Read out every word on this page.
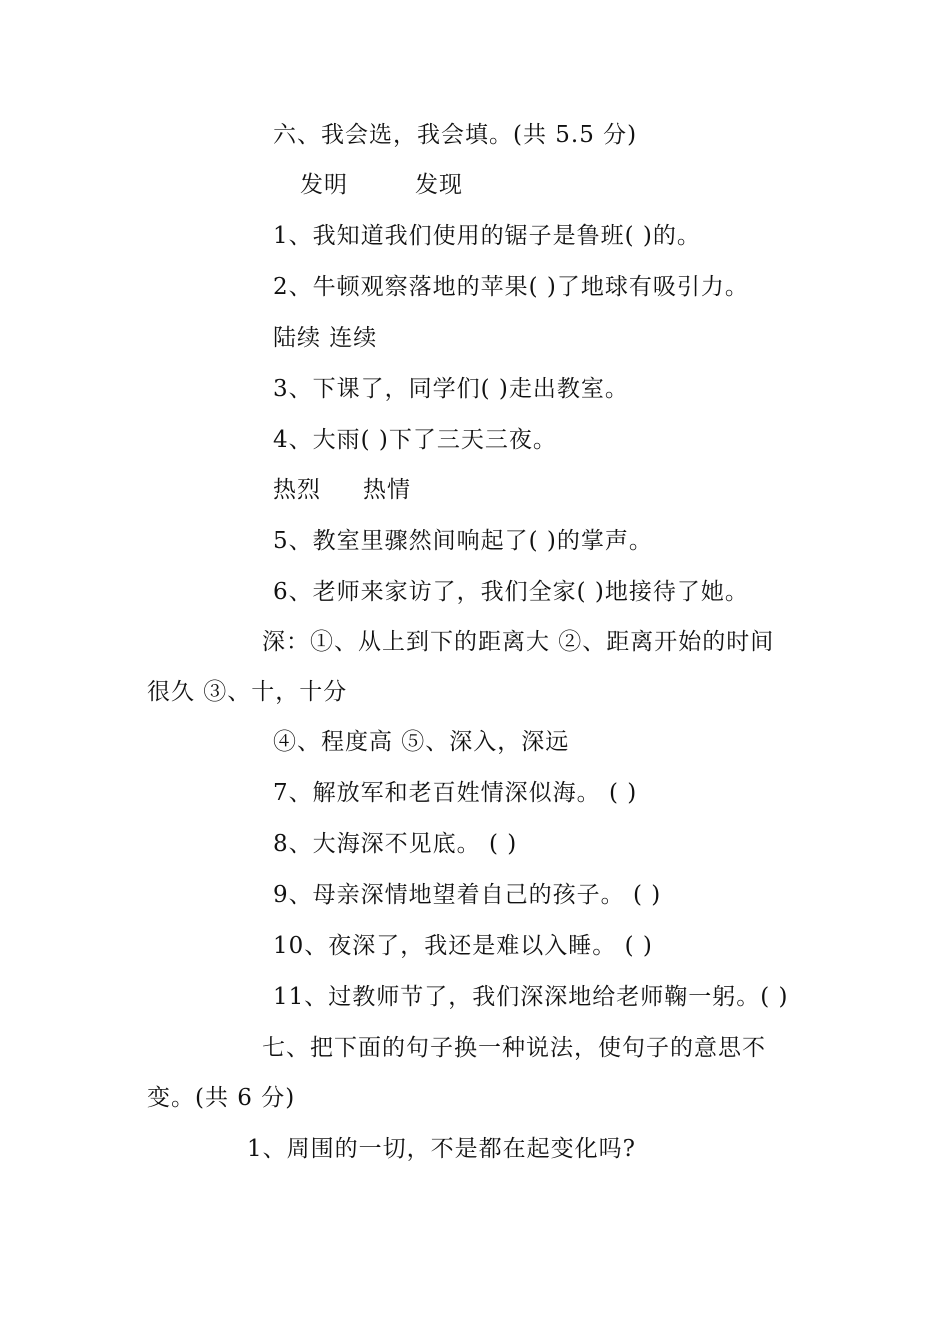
六、我会选，我会填。(共 5.5 分)
发明	发现
1、我知道我们使用的锯子是鲁班( )的。
2、牛顿观察落地的苹果( )了地球有吸引力。
陆续 连续
3、下课了，同学们( )走出教室。
4、大雨( )下了三天三夜。
热烈 热情
5、教室里骤然间响起了( )的掌声。
6、老师来家访了，我们全家( )地接待了她。
深：①、从上到下的距离大 ②、距离开始的时间
很久 ③、十，十分
④、程度高 ⑤、深入，深远
7、解放军和老百姓情深似海。 ( )
8、大海深不见底。 ( )
9、母亲深情地望着自己的孩子。 ( )
10、夜深了，我还是难以入睡。 ( )
11、过教师节了，我们深深地给老师鞠一躬。( )
七、把下面的句子换一种说法，使句子的意思不
变。(共 6 分)
1、周围的一切，不是都在起变化吗?
